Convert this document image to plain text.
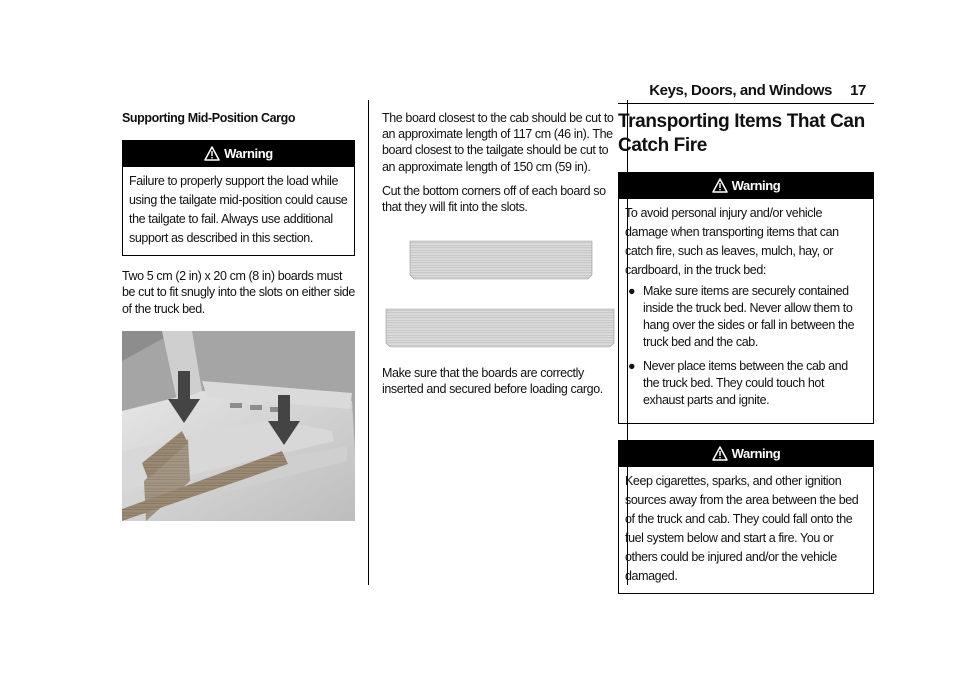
Keys, Doors, and Windows 17
Supporting Mid-Position Cargo
Warning
Failure to properly support the load while using the tailgate mid-position could cause the tailgate to fail. Always use additional support as described in this section.

Two 5 cm (2 in) x 20 cm (8 in) boards must be cut to fit snugly into the slots on either side of the truck bed.

The board closest to the cab should be cut to an approximate length of 117 cm (46 in). The board closest to the tailgate should be cut to an approximate length of 150 cm (59 in).

Cut the bottom corners off of each board so that they will fit into the slots.

Make sure that the boards are correctly inserted and secured before loading cargo.

Transporting Items That Can Catch Fire
Warning
To avoid personal injury and/or vehicle damage when transporting items that can catch fire, such as leaves, mulch, hay, or cardboard, in the truck bed:
● Make sure items are securely contained inside the truck bed. Never allow them to hang over the sides or fall in between the truck bed and the cab.
● Never place items between the cab and the truck bed. They could touch hot exhaust parts and ignite.
Warning
Keep cigarettes, sparks, and other ignition sources away from the area between the bed of the truck and cab. They could fall onto the fuel system below and start a fire. You or others could be injured and/or the vehicle damaged.
